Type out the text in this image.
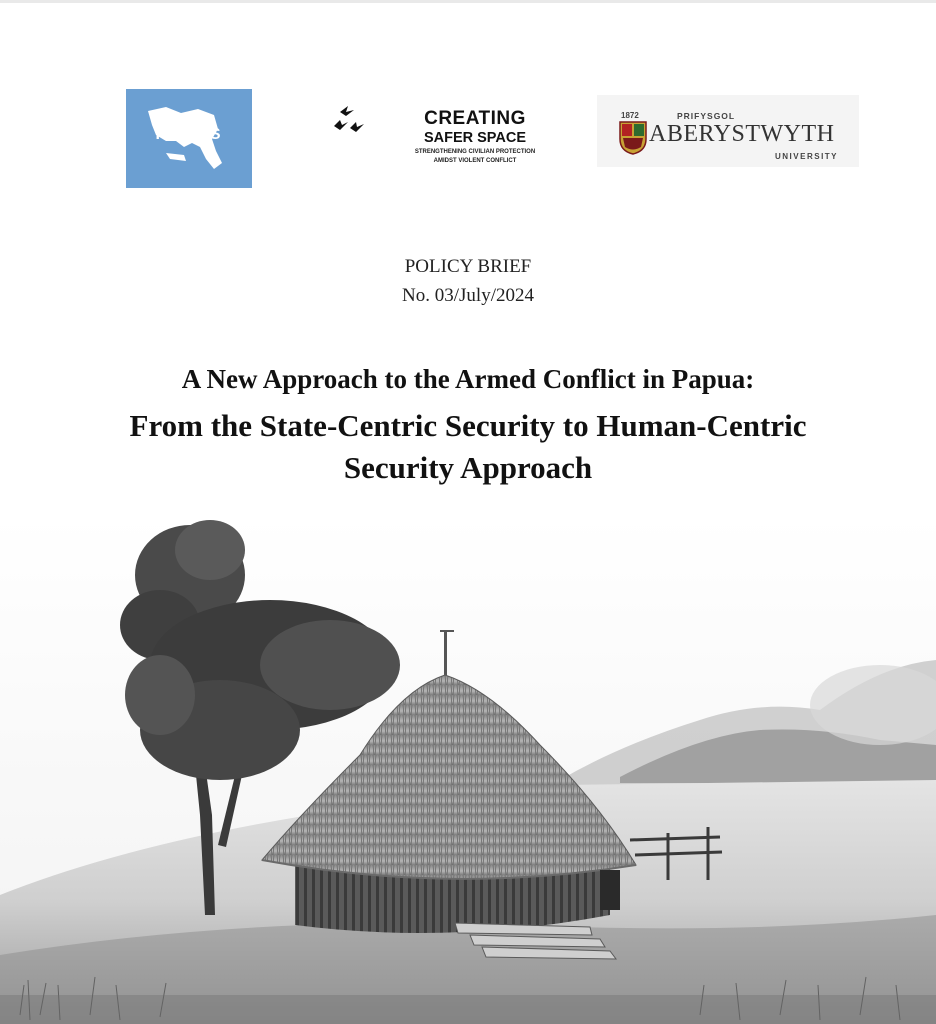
ICAIOS
CREATING
SAFER SPACE
STRENGTHENING CIVILIAN PROTECTION
AMIDST VIOLENT CONFLICT
1872	PRIFYSGOL
ABERYSTWYTH
UNIVERSITY
POLICY BRIEF
No. 03/July/2024
A New Approach to the Armed Conflict in Papua:
From the State-Centric Security to Human-Centric
Security Approach
